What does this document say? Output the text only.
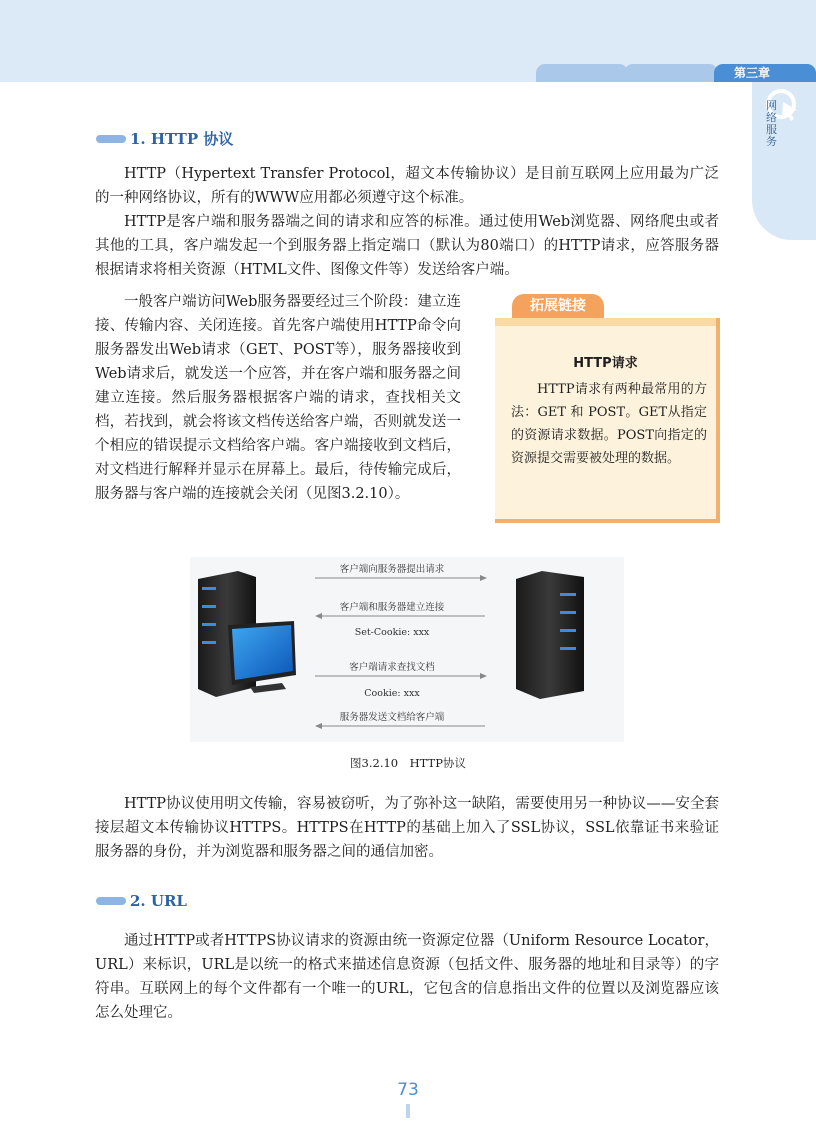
第三章
网络服务
1. HTTP 协议

HTTP（Hypertext Transfer Protocol，超文本传输协议）是目前互联网上应用最为广泛的一种网络协议，所有的WWW应用都必须遵守这个标准。

HTTP是客户端和服务器端之间的请求和应答的标准。通过使用Web浏览器、网络爬虫或者其他的工具，客户端发起一个到服务器上指定端口（默认为80端口）的HTTP请求，应答服务器根据请求将相关资源（HTML文件、图像文件等）发送给客户端。

一般客户端访问Web服务器要经过三个阶段：建立连接、传输内容、关闭连接。首先客户端使用HTTP命令向服务器发出Web请求（GET、POST等），服务器接收到Web请求后，就发送一个应答，并在客户端和服务器之间建立连接。然后服务器根据客户端的请求，查找相关文档，若找到，就会将该文档传送给客户端，否则就发送一个相应的错误提示文档给客户端。客户端接收到文档后，对文档进行解释并显示在屏幕上。最后，待传输完成后，服务器与客户端的连接就会关闭（见图3.2.10）。

拓展链接
HTTP请求

HTTP请求有两种最常用的方法：GET 和 POST。GET从指定的资源请求数据。POST向指定的资源提交需要被处理的数据。

客户端向服务器提出请求
客户端和服务器建立连接
Set-Cookie: xxx
客户端请求查找文档
Cookie: xxx
服务器发送文档给客户端
图3.2.10　HTTP协议

HTTP协议使用明文传输，容易被窃听，为了弥补这一缺陷，需要使用另一种协议——安全套接层超文本传输协议HTTPS。HTTPS在HTTP的基础上加入了SSL协议，SSL依靠证书来验证服务器的身份，并为浏览器和服务器之间的通信加密。

2. URL

通过HTTP或者HTTPS协议请求的资源由统一资源定位器（Uniform Resource Locator，URL）来标识，URL是以统一的格式来描述信息资源（包括文件、服务器的地址和目录等）的字符串。互联网上的每个文件都有一个唯一的URL，它包含的信息指出文件的位置以及浏览器应该怎么处理它。

73
